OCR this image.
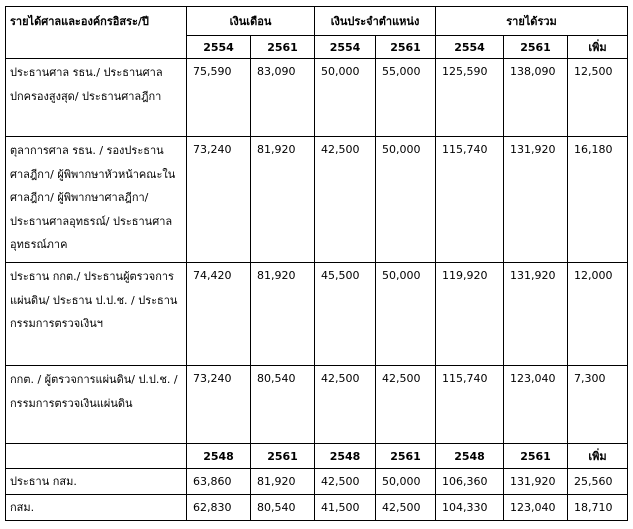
รายได้ศาลและองค์กรอิสระ/ปี	เงินเดือน		เงินประจำตำแหน่ง		รายได้รวม		
	2554	2561	2554	2561	2554	2561	เพิ่ม
ประธานศาล รธน./ ประธานศาลปกครองสูงสุด/ ประธานศาลฎีกา	75,590	83,090	50,000	55,000	125,590	138,090	12,500
ตุลาการศาล รธน. / รองประธานศาลฎีกา/ ผู้พิพากษาหัวหน้าคณะในศาลฎีกา/ ผู้พิพากษาศาลฎีกา/ ประธานศาลอุทธรณ์/ ประธานศาลอุทธรณ์ภาค	73,240	81,920	42,500	50,000	115,740	131,920	16,180
ประธาน กกต./ ประธานผู้ตรวจการแผ่นดิน/ ประธาน ป.ป.ช. / ประธานกรรมการตรวจเงินฯ	74,420	81,920	45,500	50,000	119,920	131,920	12,000
กกต. / ผู้ตรวจการแผ่นดิน/ ป.ป.ช. / กรรมการตรวจเงินแผ่นดิน	73,240	80,540	42,500	42,500	115,740	123,040	7,300
	2548	2561	2548	2561	2548	2561	เพิ่ม
ประธาน กสม.	63,860	81,920	42,500	50,000	106,360	131,920	25,560
กสม.	62,830	80,540	41,500	42,500	104,330	123,040	18,710
